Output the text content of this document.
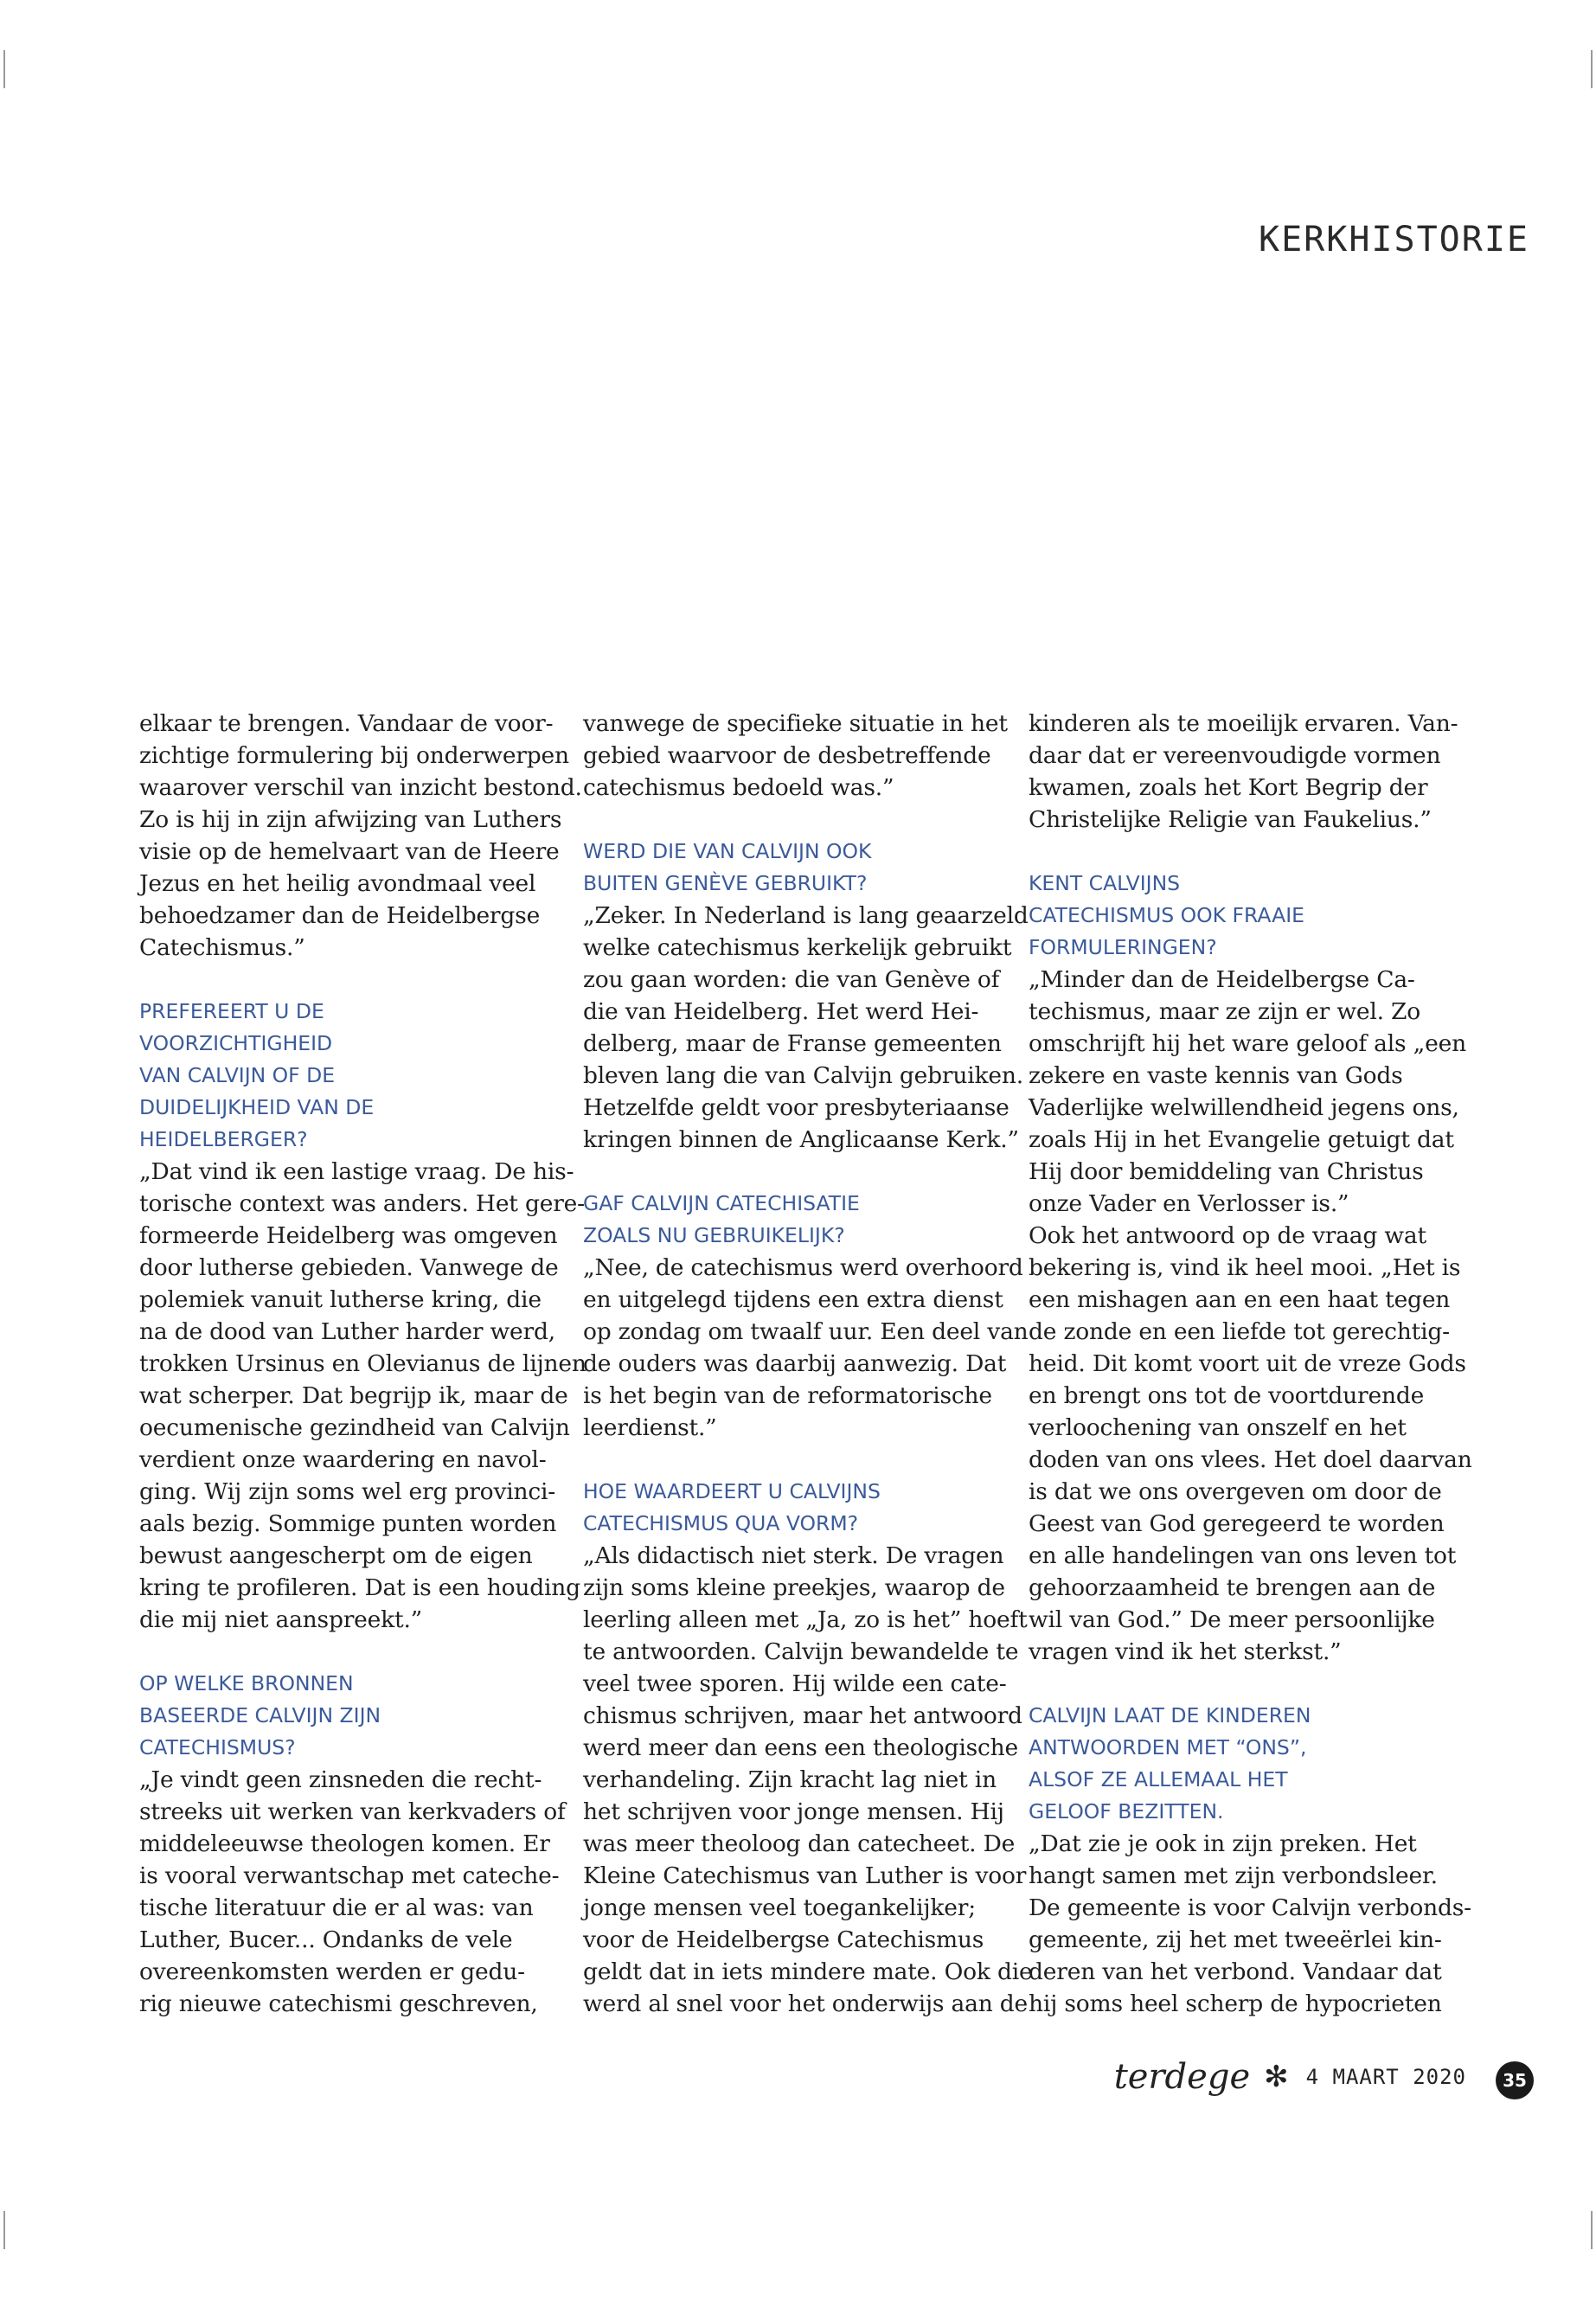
KERKHISTORIE
elkaar te brengen. Vandaar de voor-
zichtige formulering bij onderwerpen
waarover verschil van inzicht bestond.
Zo is hij in zijn afwijzing van Luthers
visie op de hemelvaart van de Heere
Jezus en het heilig avondmaal veel
behoedzamer dan de Heidelbergse
Catechismus.”
PREFEREERT U DE
VOORZICHTIGHEID
VAN CALVIJN OF DE
DUIDELIJKHEID VAN DE
HEIDELBERGER?
„Dat vind ik een lastige vraag. De his-
torische context was anders. Het gere-
formeerde Heidelberg was omgeven
door lutherse gebieden. Vanwege de
polemiek vanuit lutherse kring, die
na de dood van Luther harder werd,
trokken Ursinus en Olevianus de lijnen
wat scherper. Dat begrijp ik, maar de
oecumenische gezindheid van Calvijn
verdient onze waardering en navol-
ging. Wij zijn soms wel erg provinci-
aals bezig. Sommige punten worden
bewust aangescherpt om de eigen
kring te profileren. Dat is een houding
die mij niet aanspreekt.”
OP WELKE BRONNEN
BASEERDE CALVIJN ZIJN
CATECHISMUS?
„Je vindt geen zinsneden die recht-
streeks uit werken van kerkvaders of
middeleeuwse theologen komen. Er
is vooral verwantschap met cateche-
tische literatuur die er al was: van
Luther, Bucer... Ondanks de vele
overeenkomsten werden er gedu-
rig nieuwe catechismi geschreven,
vanwege de specifieke situatie in het
gebied waarvoor de desbetreffende
catechismus bedoeld was.”
WERD DIE VAN CALVIJN OOK
BUITEN GENÈVE GEBRUIKT?
„Zeker. In Nederland is lang geaarzeld
welke catechismus kerkelijk gebruikt
zou gaan worden: die van Genève of
die van Heidelberg. Het werd Hei-
delberg, maar de Franse gemeenten
bleven lang die van Calvijn gebruiken.
Hetzelfde geldt voor presbyteriaanse
kringen binnen de Anglicaanse Kerk.”
GAF CALVIJN CATECHISATIE
ZOALS NU GEBRUIKELIJK?
„Nee, de catechismus werd overhoord
en uitgelegd tijdens een extra dienst
op zondag om twaalf uur. Een deel van
de ouders was daarbij aanwezig. Dat
is het begin van de reformatorische
leerdienst.”
HOE WAARDEERT U CALVIJNS
CATECHISMUS QUA VORM?
„Als didactisch niet sterk. De vragen
zijn soms kleine preekjes, waarop de
leerling alleen met „Ja, zo is het” hoeft
te antwoorden. Calvijn bewandelde te
veel twee sporen. Hij wilde een cate-
chismus schrijven, maar het antwoord
werd meer dan eens een theologische
verhandeling. Zijn kracht lag niet in
het schrijven voor jonge mensen. Hij
was meer theoloog dan catecheet. De
Kleine Catechismus van Luther is voor
jonge mensen veel toegankelijker;
voor de Heidelbergse Catechismus
geldt dat in iets mindere mate. Ook die
werd al snel voor het onderwijs aan de
kinderen als te moeilijk ervaren. Van-
daar dat er vereenvoudigde vormen
kwamen, zoals het Kort Begrip der
Christelijke Religie van Faukelius.”
KENT CALVIJNS
CATECHISMUS OOK FRAAIE
FORMULERINGEN?
„Minder dan de Heidelbergse Ca-
techismus, maar ze zijn er wel. Zo
omschrijft hij het ware geloof als „een
zekere en vaste kennis van Gods
Vaderlijke welwillendheid jegens ons,
zoals Hij in het Evangelie getuigt dat
Hij door bemiddeling van Christus
onze Vader en Verlosser is.”
Ook het antwoord op de vraag wat
bekering is, vind ik heel mooi. „Het is
een mishagen aan en een haat tegen
de zonde en een liefde tot gerechtig-
heid. Dit komt voort uit de vreze Gods
en brengt ons tot de voortdurende
verloochening van onszelf en het
doden van ons vlees. Het doel daarvan
is dat we ons overgeven om door de
Geest van God geregeerd te worden
en alle handelingen van ons leven tot
gehoorzaamheid te brengen aan de
wil van God.” De meer persoonlijke
vragen vind ik het sterkst.”
CALVIJN LAAT DE KINDEREN
ANTWOORDEN MET “ONS”,
ALSOF ZE ALLEMAAL HET
GELOOF BEZITTEN.
„Dat zie je ook in zijn preken. Het
hangt samen met zijn verbondsleer.
De gemeente is voor Calvijn verbonds-
gemeente, zij het met tweeërlei kin-
deren van het verbond. Vandaar dat
hij soms heel scherp de hypocrieten
terdege ✻ 4 MAART 2020	35
